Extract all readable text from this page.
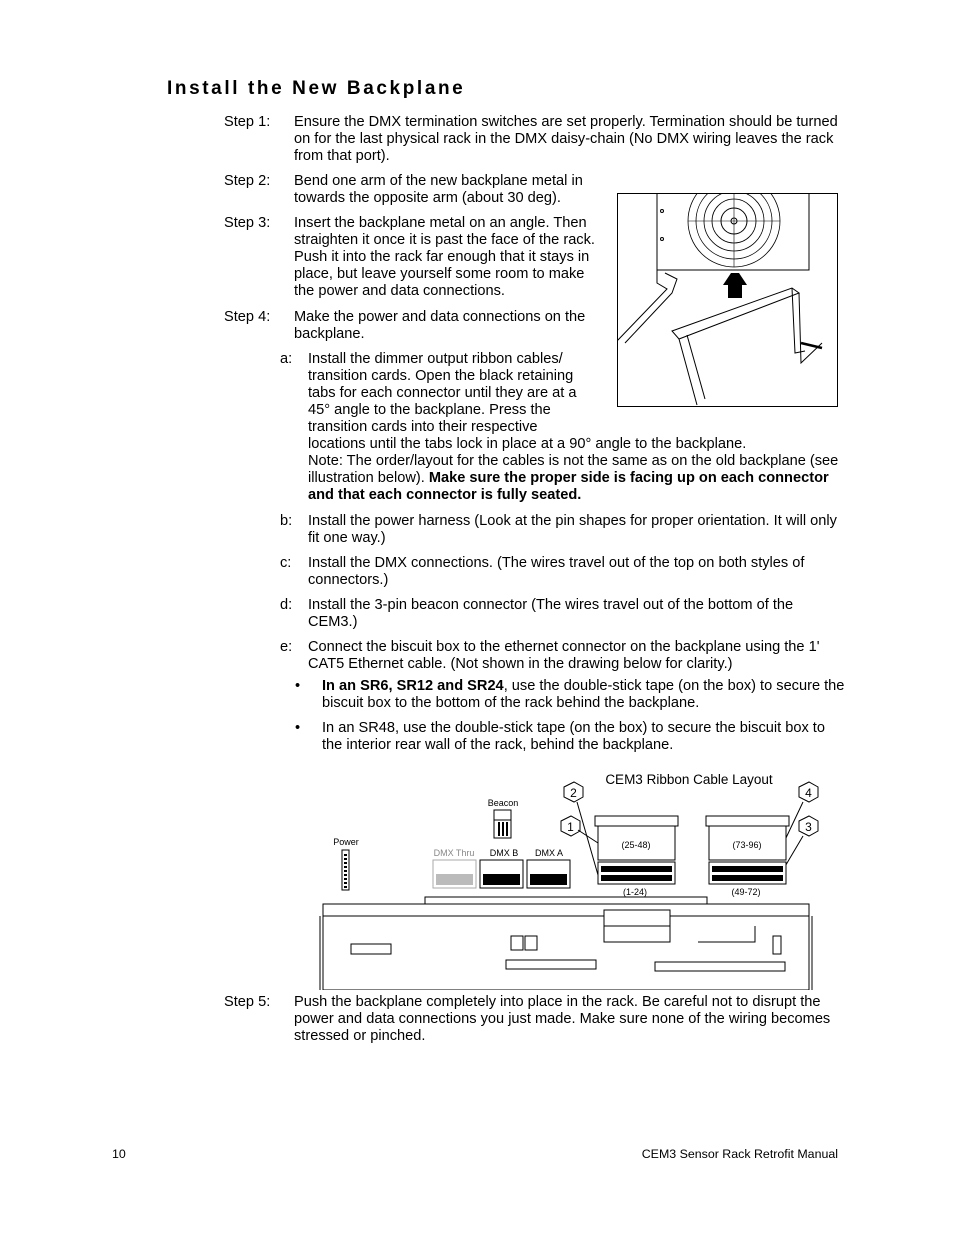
Install the New Backplane
Step 1: Ensure the DMX termination switches are set properly. Termination should be turned on for the last physical rack in the DMX daisy-chain (No DMX wiring leaves the rack from that port).
Step 2: Bend one arm of the new backplane metal in
towards the opposite arm (about 30 deg).
Step 3: Insert the backplane metal on an angle. Then
straighten it once it is past the face of the rack.
Push it into the rack far enough that it stays in
place, but leave yourself some room to make
the power and data connections.
Step 4: Make the power and data connections on the
backplane.
a: Install the dimmer output ribbon cables/
transition cards. Open the black retaining
tabs for each connector until they are at a
45° angle to the backplane. Press the
transition cards into their respective
locations until the tabs lock in place at a 90° angle to the backplane.
Note: The order/layout for the cables is not the same as on the old backplane (see illustration below). Make sure the proper side is facing up on each connector and that each connector is fully seated.
b: Install the power harness (Look at the pin shapes for proper orientation. It will only fit one way.)
c: Install the DMX connections. (The wires travel out of the top on both styles of connectors.)
d: Install the 3-pin beacon connector (The wires travel out of the bottom of the CEM3.)
e: Connect the biscuit box to the ethernet connector on the backplane using the 1' CAT5 Ethernet cable. (Not shown in the drawing below for clarity.)
• In an SR6, SR12 and SR24, use the double-stick tape (on the box) to secure the biscuit box to the bottom of the rack behind the backplane.
• In an SR48, use the double-stick tape (on the box) to secure the biscuit box to the interior rear wall of the rack, behind the backplane.
Step 5: Push the backplane completely into place in the rack. Be careful not to disrupt the power and data connections you just made. Make sure none of the wiring becomes stressed or pinched.
CEM3 Ribbon Cable Layout
2
1
4
3
(25-48)	(73-96)
(1-24)	(49-72)
Power
Beacon
DMX Thru DMX B DMX A
10	CEM3 Sensor Rack Retrofit Manual
